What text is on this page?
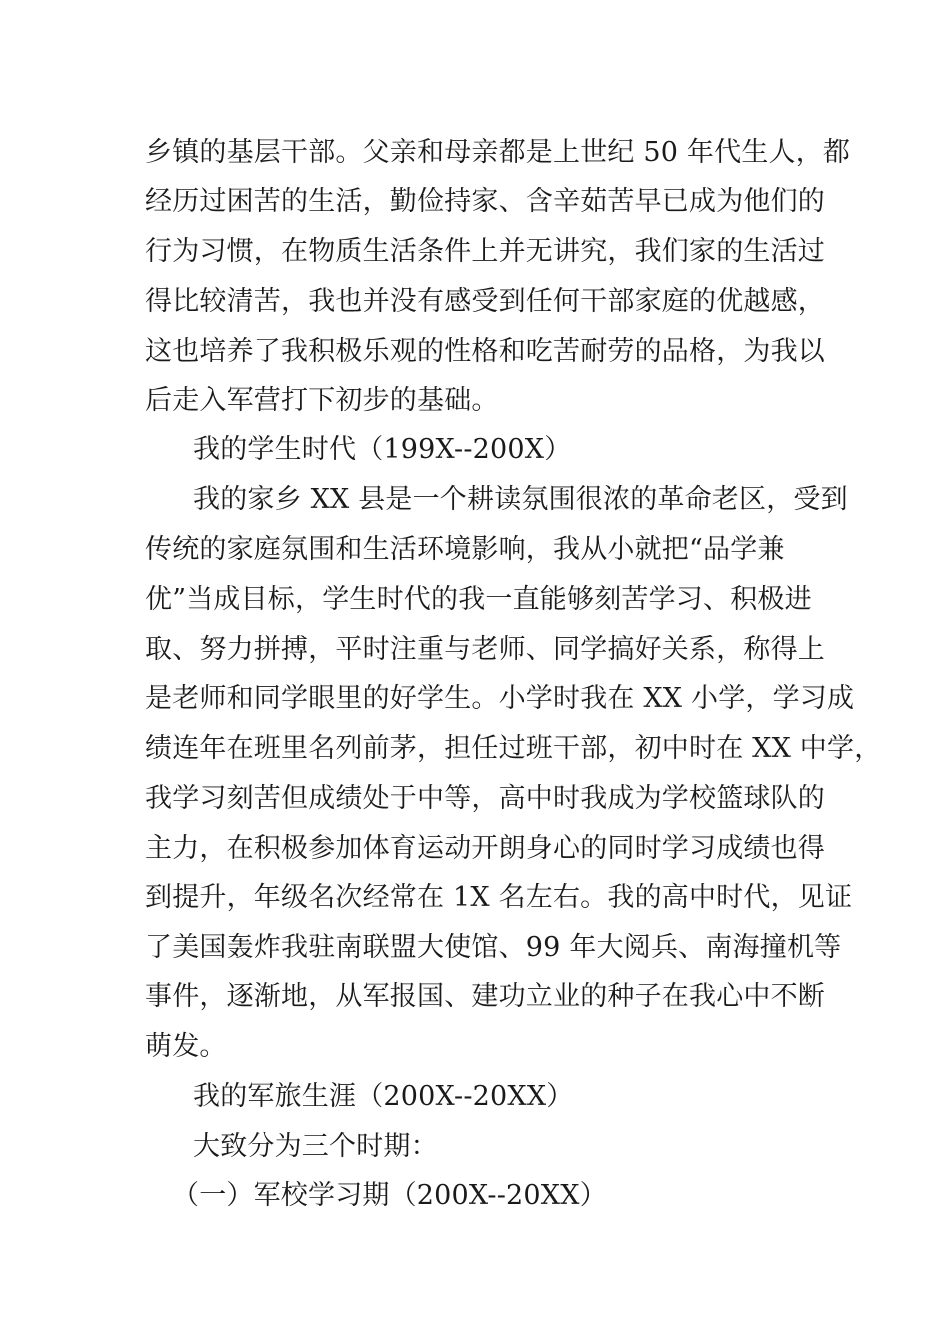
乡镇的基层干部。父亲和母亲都是上世纪 50 年代生人，都
经历过困苦的生活，勤俭持家、含辛茹苦早已成为他们的
行为习惯，在物质生活条件上并无讲究，我们家的生活过
得比较清苦，我也并没有感受到任何干部家庭的优越感，
这也培养了我积极乐观的性格和吃苦耐劳的品格，为我以
后走入军营打下初步的基础。
我的学生时代（199X--200X）
我的家乡 XX 县是一个耕读氛围很浓的革命老区，受到
传统的家庭氛围和生活环境影响，我从小就把“品学兼
优”当成目标，学生时代的我一直能够刻苦学习、积极进
取、努力拼搏，平时注重与老师、同学搞好关系，称得上
是老师和同学眼里的好学生。小学时我在 XX 小学，学习成
绩连年在班里名列前茅，担任过班干部，初中时在 XX 中学，
我学习刻苦但成绩处于中等，高中时我成为学校篮球队的
主力，在积极参加体育运动开朗身心的同时学习成绩也得
到提升，年级名次经常在 1X 名左右。我的高中时代，见证
了美国轰炸我驻南联盟大使馆、99 年大阅兵、南海撞机等
事件，逐渐地，从军报国、建功立业的种子在我心中不断
萌发。
我的军旅生涯（200X--20XX）
大致分为三个时期：
（一）军校学习期（200X--20XX）
